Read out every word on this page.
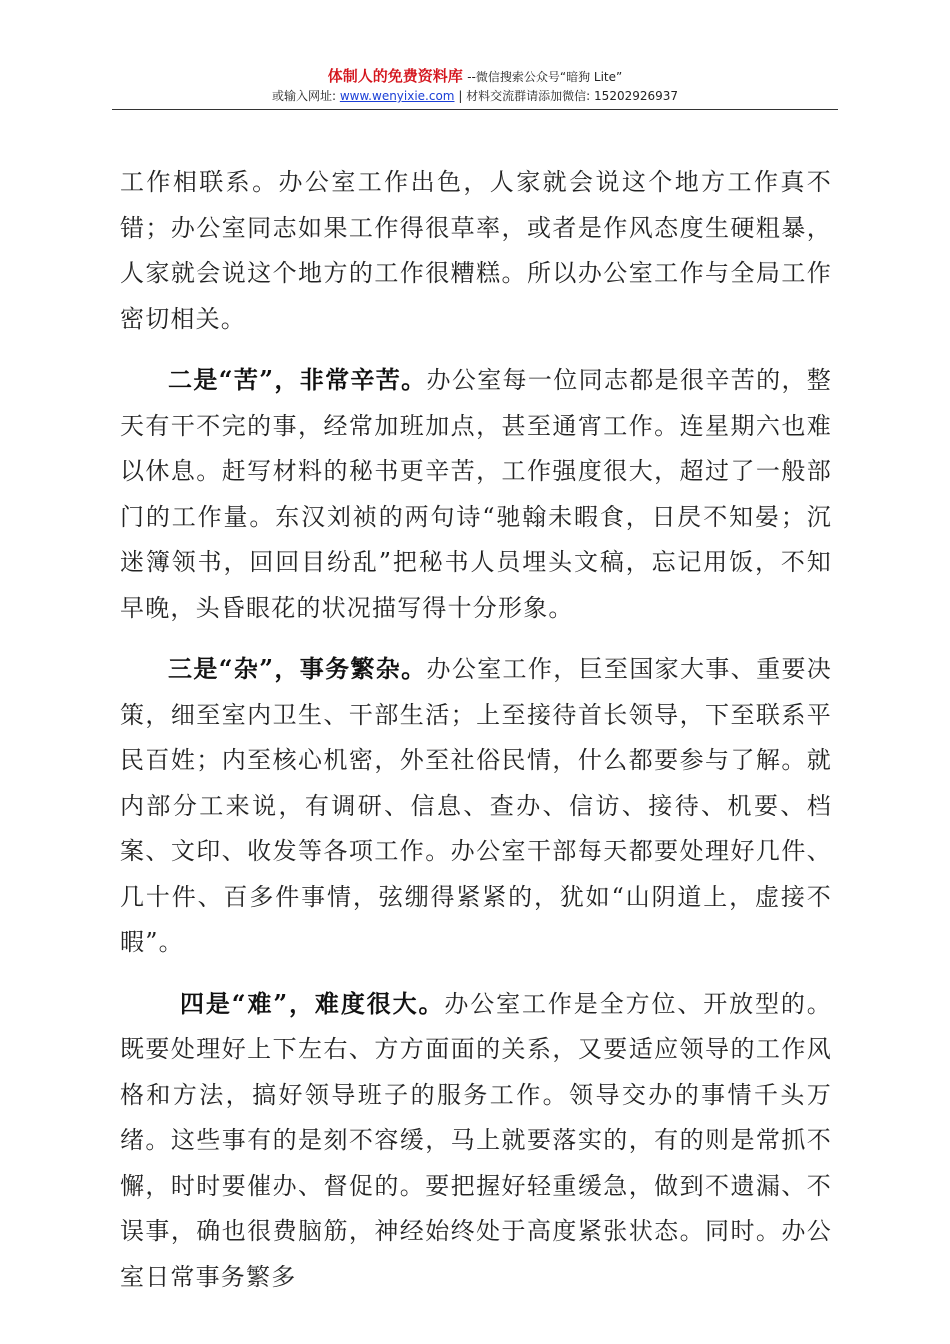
体制人的免费资料库 --微信搜索公众号“暗狗 Lite”
或输入网址: www.wenyixie.com | 材料交流群请添加微信: 15202926937

工作相联系。办公室工作出色，人家就会说这个地方工作真不错；办公室同志如果工作得很草率，或者是作风态度生硬粗暴，人家就会说这个地方的工作很糟糕。所以办公室工作与全局工作密切相关。

二是“苦”，非常辛苦。办公室每一位同志都是很辛苦的，整天有干不完的事，经常加班加点，甚至通宵工作。连星期六也难以休息。赶写材料的秘书更辛苦，工作强度很大，超过了一般部门的工作量。东汉刘祯的两句诗“驰翰未暇食，日昃不知晏；沉迷簿领书，回回目纷乱”把秘书人员埋头文稿，忘记用饭，不知早晚，头昏眼花的状况描写得十分形象。

三是“杂”，事务繁杂。办公室工作，巨至国家大事、重要决策，细至室内卫生、干部生活；上至接待首长领导，下至联系平民百姓；内至核心机密，外至社俗民情，什么都要参与了解。就内部分工来说，有调研、信息、查办、信访、接待、机要、档案、文印、收发等各项工作。办公室干部每天都要处理好几件、几十件、百多件事情，弦绷得紧紧的，犹如“山阴道上，虚接不暇”。

四是“难”，难度很大。办公室工作是全方位、开放型的。既要处理好上下左右、方方面面的关系，又要适应领导的工作风格和方法，搞好领导班子的服务工作。领导交办的事情千头万绪。这些事有的是刻不容缓，马上就要落实的，有的则是常抓不懈，时时要催办、督促的。要把握好轻重缓急，做到不遗漏、不误事，确也很费脑筋，神经始终处于高度紧张状态。同时。办公室日常事务繁多
